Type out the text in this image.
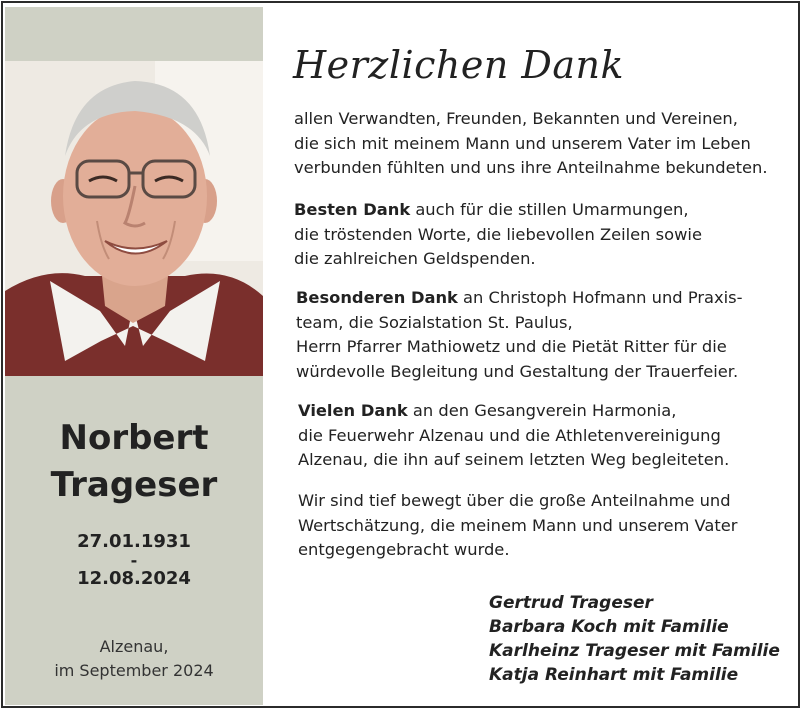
Norbert
Trageser
27.01.1931
-
12.08.2024
Alzenau,
im September 2024
Herzlichen Dank
allen Verwandten, Freunden, Bekannten und Vereinen,
die sich mit meinem Mann und unserem Vater im Leben
verbunden fühlten und uns ihre Anteilnahme bekundeten.
Besten Dank auch für die stillen Umarmungen,
die tröstenden Worte, die liebevollen Zeilen sowie
die zahlreichen Geldspenden.
Besonderen Dank an Christoph Hofmann und Praxis-
team, die Sozialstation St. Paulus,
Herrn Pfarrer Mathiowetz und die Pietät Ritter für die
würdevolle Begleitung und Gestaltung der Trauerfeier.
Vielen Dank an den Gesangverein Harmonia,
die Feuerwehr Alzenau und die Athletenvereinigung
Alzenau, die ihn auf seinem letzten Weg begleiteten.
Wir sind tief bewegt über die große Anteilnahme und
Wertschätzung, die meinem Mann und unserem Vater
entgegengebracht wurde.
Gertrud Trageser
Barbara Koch mit Familie
Karlheinz Trageser mit Familie
Katja Reinhart mit Familie
